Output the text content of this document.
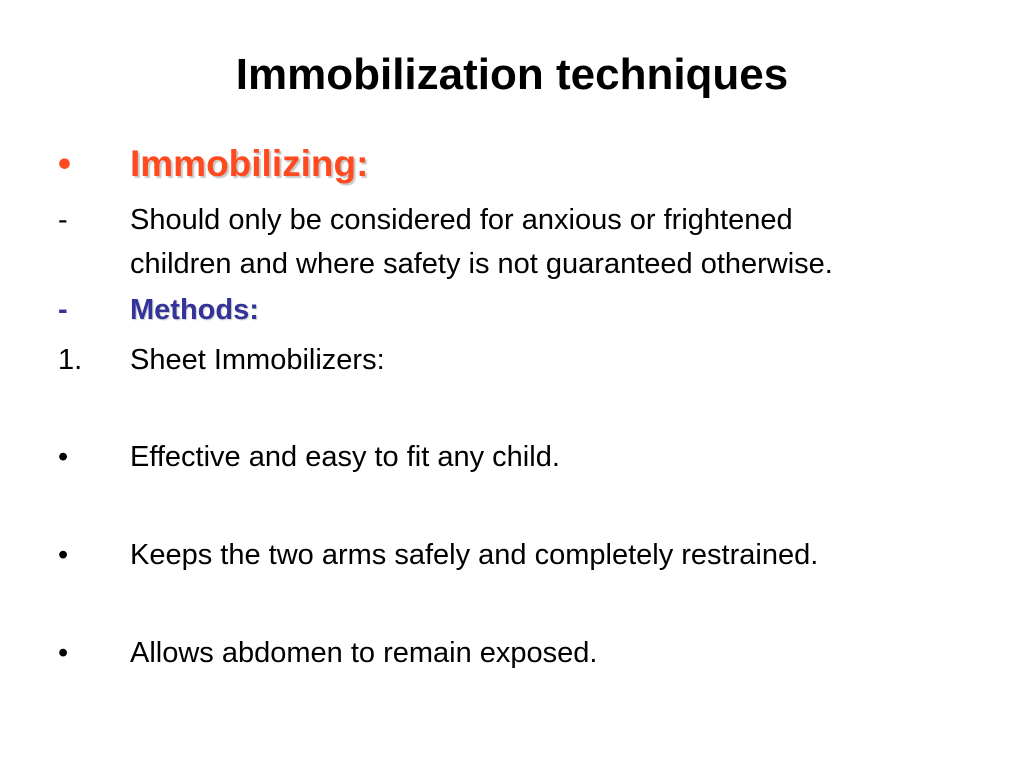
Immobilization techniques
• Immobilizing:
- Should only be considered for anxious or frightened
children and where safety is not guaranteed otherwise.
- Methods:
1. Sheet Immobilizers:
• Effective and easy to fit any child.
• Keeps the two arms safely and completely restrained.
• Allows abdomen to remain exposed.
